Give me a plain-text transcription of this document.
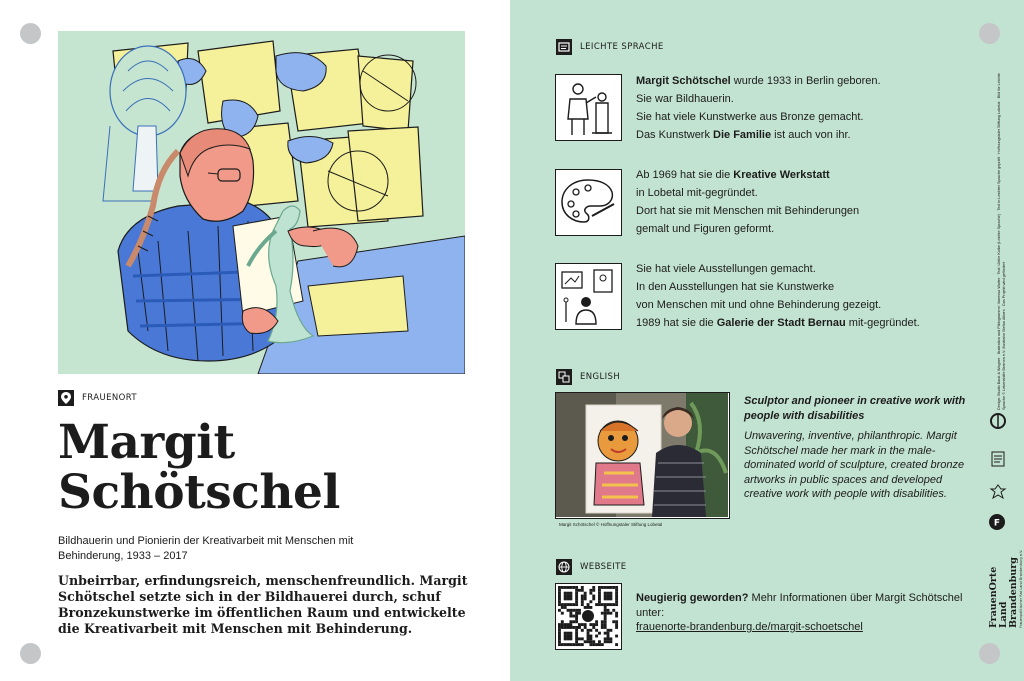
FRAUENORT
Margit
Schötschel
Bildhauerin und Pionierin der Kreativarbeit mit Menschen mit Behinderung, 1933 – 2017
Unbeirrbar, erfindungsreich, menschenfreundlich. Margit Schötschel setzte sich in der Bildhauerei durch, schuf Bronzekunstwerke im öffentlichen Raum und entwickelte die Kreativarbeit mit Menschen mit Behinderung.
LEICHTE SPRACHE
Margit Schötschel wurde 1933 in Berlin geboren.
Sie war Bildhauerin.
Sie hat viele Kunstwerke aus Bronze gemacht.
Das Kunstwerk Die Familie ist auch von ihr.
Ab 1969 hat sie die Kreative Werkstatt
in Lobetal mit-gegründet.
Dort hat sie mit Menschen mit Behinderungen
gemalt und Figuren geformt.
Sie hat viele Ausstellungen gemacht.
In den Ausstellungen hat sie Kunstwerke
von Menschen mit und ohne Behinderung gezeigt.
1989 hat sie die Galerie der Stadt Bernau mit-gegründet.
ENGLISH
Margit Schötschel © Hoffnungstaler Stiftung Lobetal
Sculptor and pioneer in creative work with people with disabilities
Unwavering, inventive, philanthropic. Margit Schötschel made her mark in the male-dominated world of sculpture, created bronze artworks in public spaces and developed creative work with people with disabilities.
WEBSEITE
Neugierig geworden? Mehr Informationen über Margit Schötschel unter:
frauenorte-brandenburg.de/margit-schoetschel
Design: Studio Bauk & Wagner · Illustration und Piktogramme: Vanessa Walter · Text: Ulrike Kolbe (Leichte Sprache) · Text in Leichter Sprache geprüft · Hoffnungstaler Stiftung Lobetal · Bild für Leichte Sprache © Lebenshilfe Bremen e.V. Illustrator Stefan Albers · Das Projekt wird gefördert
F
FrauenOrte Land Brandenburg Frauenpolitischer Rat Land Brandenburg e.V.
